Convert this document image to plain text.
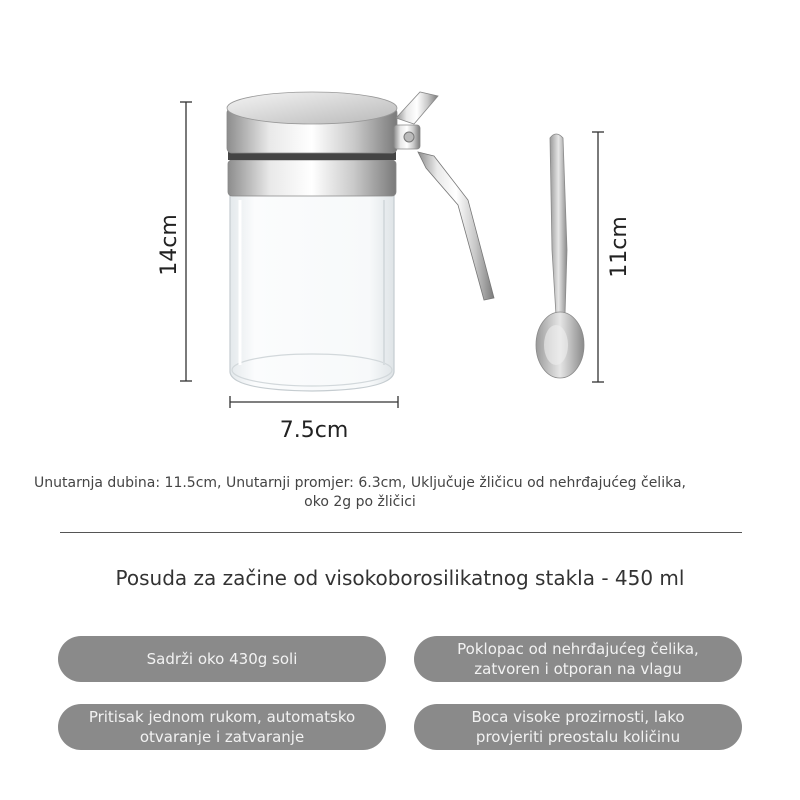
14cm
7.5cm
11cm
Unutarnja dubina: 11.5cm, Unutarnji promjer: 6.3cm, Uključuje žličicu od nehrđajućeg čelika, oko 2g po žličici
Posuda za začine od visokoborosilikatnog stakla - 450 ml
Sadrži oko 430g soli
Poklopac od nehrđajućeg čelika, zatvoren i otporan na vlagu
Pritisak jednom rukom, automatsko otvaranje i zatvaranje
Boca visoke prozirnosti, lako provjeriti preostalu količinu
